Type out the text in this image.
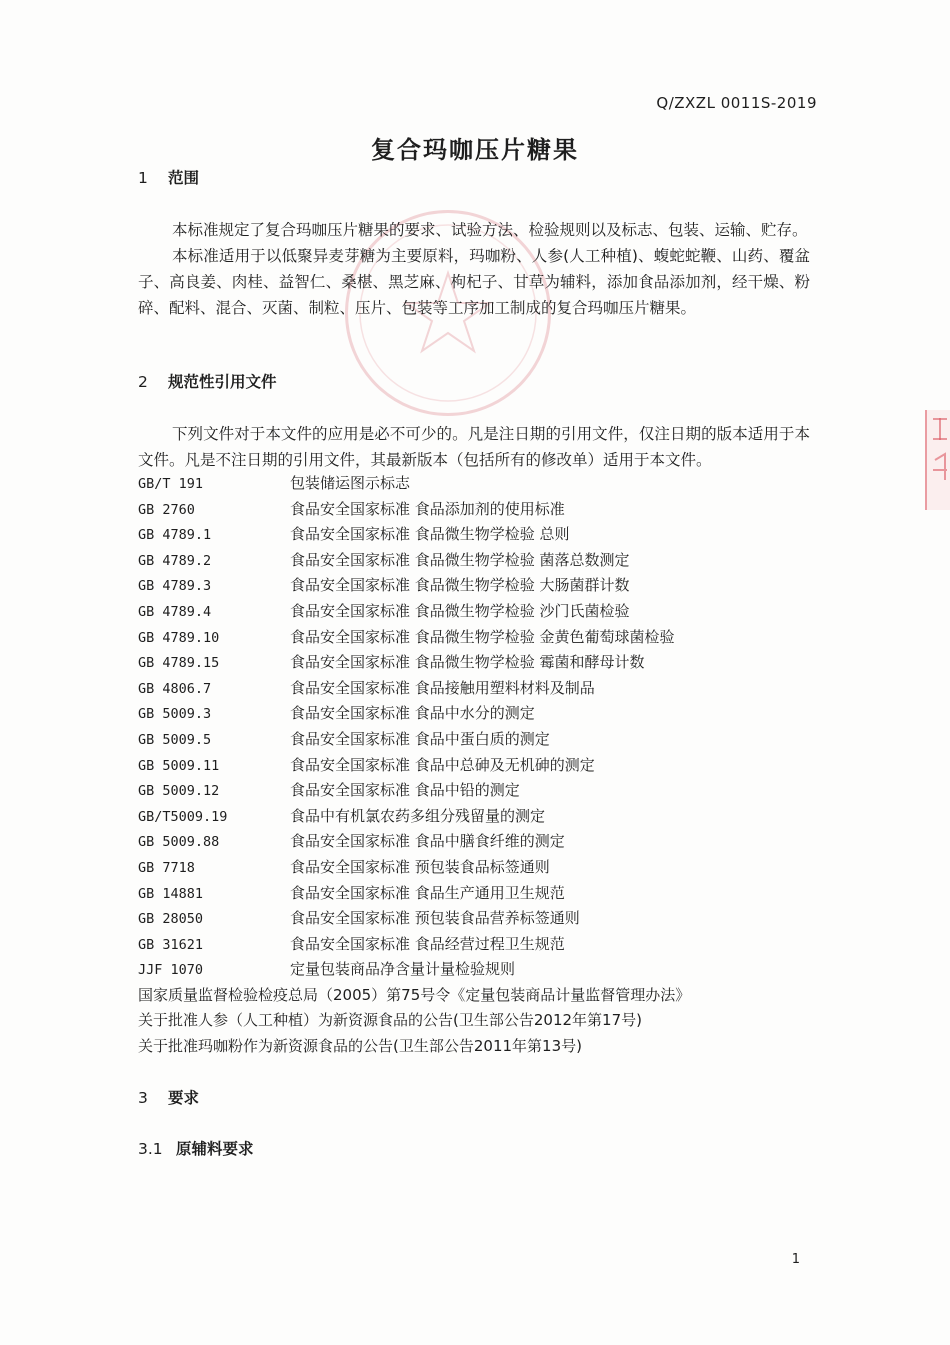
Q/ZXZL 0011S-2019
复合玛咖压片糖果
1 范围

本标准规定了复合玛咖压片糖果的要求、试验方法、检验规则以及标志、包装、运输、贮存。

本标准适用于以低聚异麦芽糖为主要原料，玛咖粉、人参(人工种植)、蝮蛇蛇鞭、山药、覆盆子、高良姜、肉桂、益智仁、桑椹、黑芝麻、枸杞子、甘草为辅料，添加食品添加剂，经干燥、粉碎、配料、混合、灭菌、制粒、压片、包装等工序加工制成的复合玛咖压片糖果。

2 规范性引用文件

下列文件对于本文件的应用是必不可少的。凡是注日期的引用文件，仅注日期的版本适用于本文件。凡是不注日期的引用文件，其最新版本（包括所有的修改单）适用于本文件。

GB/T 191	包装储运图示标志
GB 2760	食品安全国家标准 食品添加剂的使用标准
GB 4789.1	食品安全国家标准 食品微生物学检验 总则
GB 4789.2	食品安全国家标准 食品微生物学检验 菌落总数测定
GB 4789.3	食品安全国家标准 食品微生物学检验 大肠菌群计数
GB 4789.4	食品安全国家标准 食品微生物学检验 沙门氏菌检验
GB 4789.10	食品安全国家标准 食品微生物学检验 金黄色葡萄球菌检验
GB 4789.15	食品安全国家标准 食品微生物学检验 霉菌和酵母计数
GB 4806.7	食品安全国家标准 食品接触用塑料材料及制品
GB 5009.3	食品安全国家标准 食品中水分的测定
GB 5009.5	食品安全国家标准 食品中蛋白质的测定
GB 5009.11	食品安全国家标准 食品中总砷及无机砷的测定
GB 5009.12	食品安全国家标准 食品中铅的测定
GB/T5009.19	食品中有机氯农药多组分残留量的测定
GB 5009.88	食品安全国家标准 食品中膳食纤维的测定
GB 7718	食品安全国家标准 预包装食品标签通则
GB 14881	食品安全国家标准 食品生产通用卫生规范
GB 28050	食品安全国家标准 预包装食品营养标签通则
GB 31621	食品安全国家标准 食品经营过程卫生规范
JJF 1070	定量包装商品净含量计量检验规则
国家质量监督检验检疫总局（2005）第75号令《定量包装商品计量监督管理办法》
关于批准人参（人工种植）为新资源食品的公告(卫生部公告2012年第17号)
关于批准玛咖粉作为新资源食品的公告(卫生部公告2011年第13号)
3 要求
3.1 原辅料要求
1
